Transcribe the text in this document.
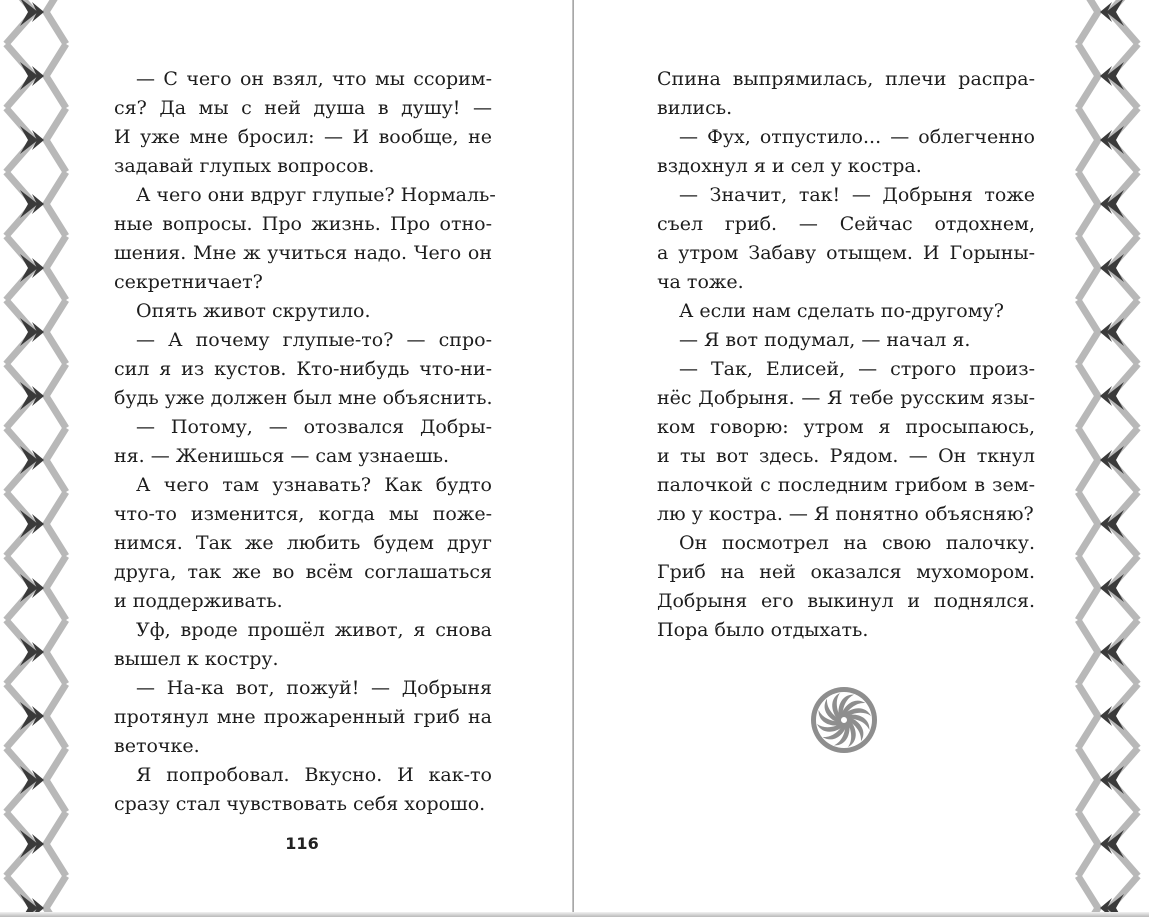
— С чего он взял, что мы ссорим-
ся? Да мы с ней душа в душу! —
И уже мне бросил: — И вообще, не
задавай глупых вопросов.
А чего они вдруг глупые? Нормаль-
ные вопросы. Про жизнь. Про отно-
шения. Мне ж учиться надо. Чего он
секретничает?
Опять живот скрутило.
— А почему глупые-то? — спро-
сил я из кустов. Кто-нибудь что-ни-
будь уже должен был мне объяснить.
— Потому, — отозвался Добры-
ня. — Женишься — сам узнаешь.
А чего там узнавать? Как будто
что-то изменится, когда мы поже-
нимся. Так же любить будем друг
друга, так же во всём соглашаться
и поддерживать.
Уф, вроде прошёл живот, я снова
вышел к костру.
— На-ка вот, пожуй! — Добрыня
протянул мне прожаренный гриб на
веточке.
Я попробовал. Вкусно. И как-то
сразу стал чувствовать себя хорошо.
Спина выпрямилась, плечи распра-
вились.
— Фух, отпустило... — облегченно
вздохнул я и сел у костра.
— Значит, так! — Добрыня тоже
съел гриб. — Сейчас отдохнем,
а утром Забаву отыщем. И Горыны-
ча тоже.
А если нам сделать по-другому?
— Я вот подумал, — начал я.
— Так, Елисей, — строго произ-
нёс Добрыня. — Я тебе русским язы-
ком говорю: утром я просыпаюсь,
и ты вот здесь. Рядом. — Он ткнул
палочкой с последним грибом в зем-
лю у костра. — Я понятно объясняю?
Он посмотрел на свою палочку.
Гриб на ней оказался мухомором.
Добрыня его выкинул и поднялся.
Пора было отдыхать.
116
